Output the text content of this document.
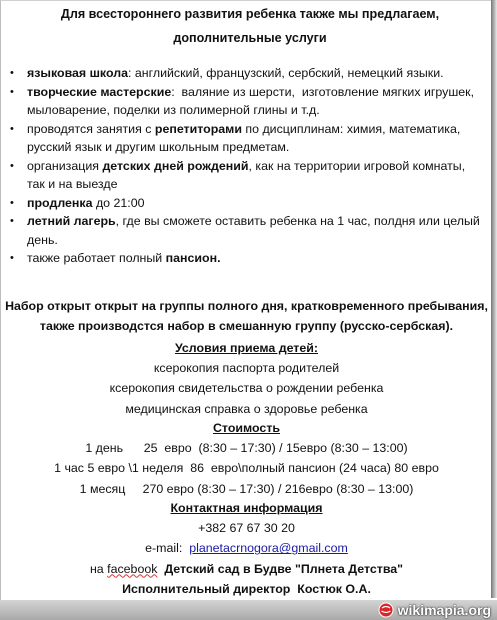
Для всестороннего развития ребенка также мы предлагаем,
дополнительные услуги
• языковая школа: английский, французский, сербский, немецкий языки.
• творческие мастерские:  валяние из шерсти,  изготовление мягких игрушек,
мыловарение, поделки из полимерной глины и т.д.
• проводятся занятия с репетиторами по дисциплинам: химия, математика,
русский язык и другим школьным предметам.
• организация детских дней рождений, как на территории игровой комнаты,
так и на выезде
• продленка до 21:00
• летний лагерь, где вы сможете оставить ребенка на 1 час, полдня или целый
день.
• также работает полный пансион.
Набор открыт открыт на группы полного дня, кратковременного пребывания,
также производстся набор в смешанную группу (русско-сербская).
Условия приема детей:
ксерокопия паспорта родителей
ксерокопия свидетельства о рождении ребенка
медицинская справка о здоровье ребенка
Стоимость
1 день      25  евро  (8:30 – 17:30) / 15евро (8:30 – 13:00)
1 час 5 евро \1 неделя  86  евро\полный пансион (24 часа) 80 евро
1 месяц     270 евро (8:30 – 17:30) / 216евро (8:30 – 13:00)
Контактная информация
+382 67 67 30 20
e-mail: planetacrnogora@gmail.com
на facebook  Детский сад в Будве "Плнета Детства"
Исполнительный директор  Костюк О.А.
wikimapia.org
